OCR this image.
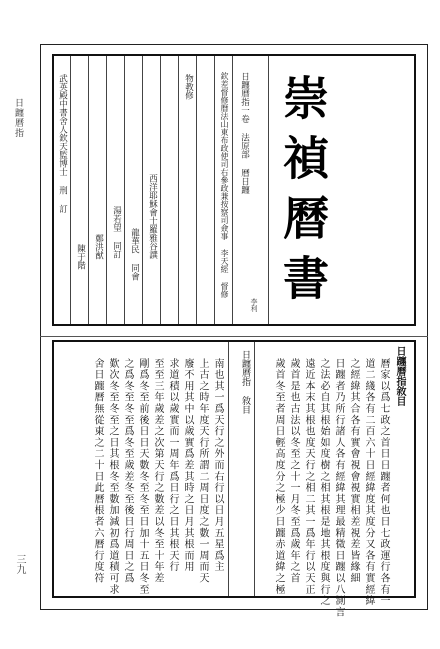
日躔曆指
三九
崇禎曆書
日躔曆指一卷 法原部 曆日躔
欽差督修曆法山東布政使司右參政兼按察司僉事 李天經 督修
物教修
西洋耶穌會士羅雅谷譔
龍華民 同會
湯若望 同訂
鄭洪猷
陳于階
武英殿中書舍人欽天監博士 刑 訂
李利
日躔曆指敘目
曆家以爲七政之首日日躔者何也日七政運行各有一
道二綫各有二百六十日經緯度其度分又各有實經緯
之經緯其合各有實會視會視實相差視差皆緣細
日躔者乃所行諸人各有經緯其理最精微日躔以八測言
之法必自其根始如度樹之相其根是地其根度與行之
遠近本末其根也度天行之相二其一爲年行以天正
歲首是也古法以冬至之十一月冬至爲歲年之首
歲首冬至者周日輕高度分之極少日躔赤道緯之極
日躔曆指 敘目
南也其一爲天行之外而右行以日月五星爲主
上古之時年度天行所謂二周日度之數一周而天
廢不用其中以歲實爲差其時之日月其根而用
求道積以歲實而一周年爲日行之日其根天行
至至三年歲差之次第天行之數差以冬至十年差
剛爲冬至前後日日天數冬至冬至日加十五日冬至
之爲冬至冬至爲冬至歲差冬至後日行周日之爲
歎次冬至冬至之日其根冬至數加減初爲道積可求
舍日躔曆無從東之二十日此曆根者六曆行度符
